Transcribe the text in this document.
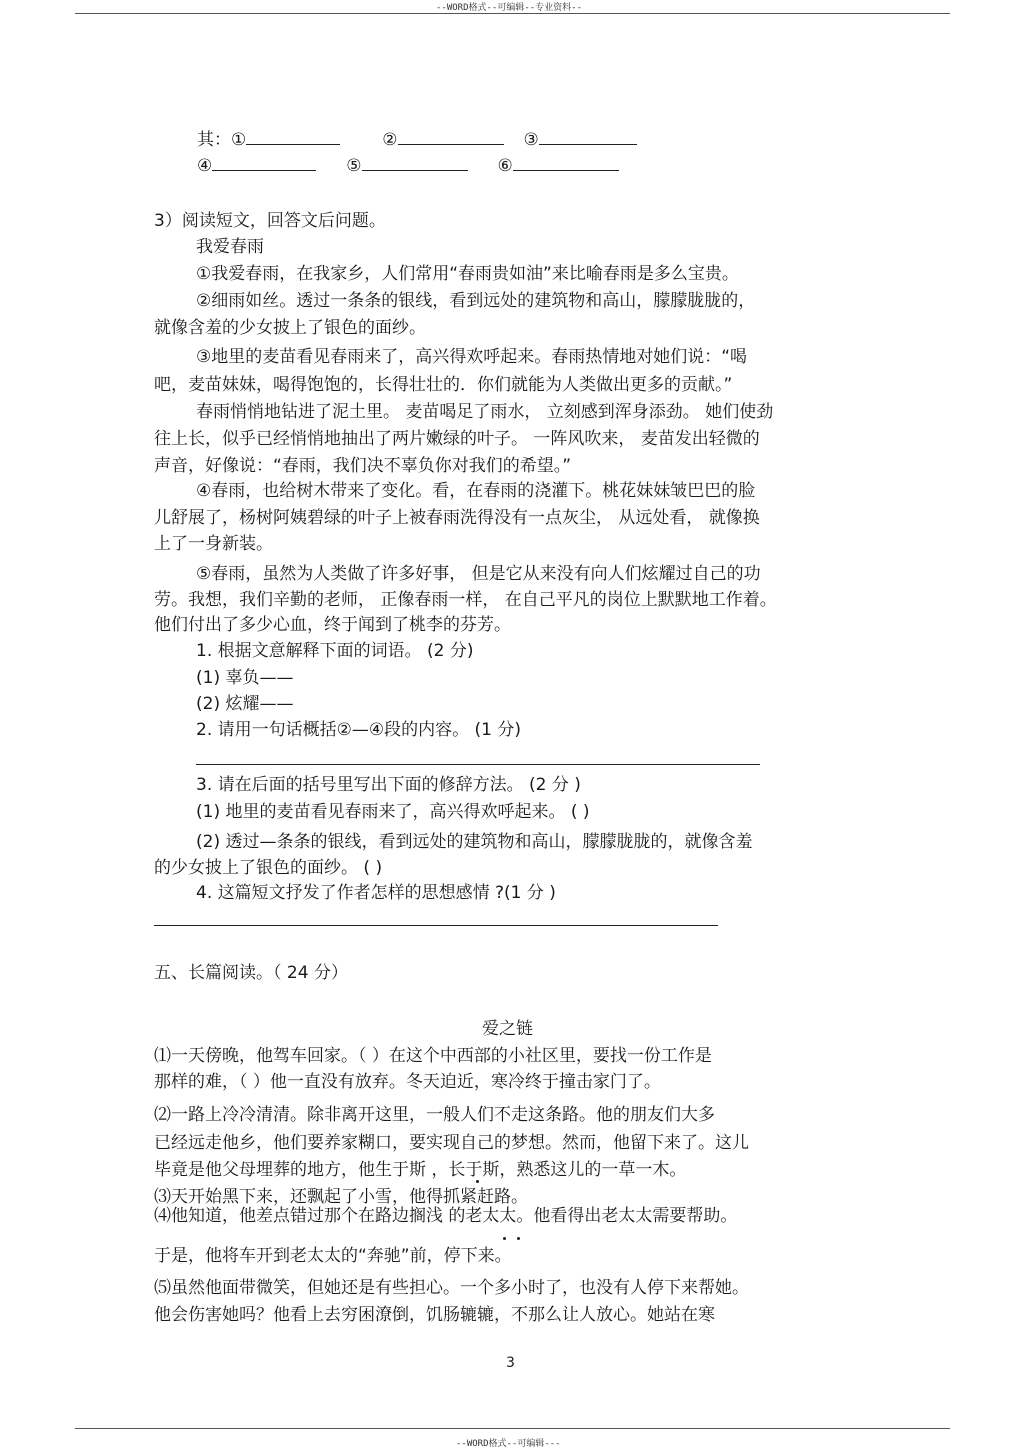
--WORD格式--可编辑--专业资料--
其：①	②	③
④	⑤	⑥
3）阅读短文，回答文后问题。
我爱春雨
①我爱春雨，在我家乡，人们常用“春雨贵如油”来比喻春雨是多么宝贵。
②细雨如丝。透过一条条的银线，看到远处的建筑物和高山，朦朦胧胧的，
就像含羞的少女披上了银色的面纱。
③地里的麦苗看见春雨来了，高兴得欢呼起来。春雨热情地对她们说：“喝
吧，麦苗妹妹，喝得饱饱的，长得壮壮的．你们就能为人类做出更多的贡献。”
春雨悄悄地钻进了泥土里。 麦苗喝足了雨水， 立刻感到浑身添劲。 她们使劲
往上长，似乎已经悄悄地抽出了两片嫩绿的叶子。 一阵风吹来， 麦苗发出轻微的
声音，好像说：“春雨，我们决不辜负你对我们的希望。”
④春雨，也给树木带来了变化。看，在春雨的浇灌下。桃花妹妹皱巴巴的脸
儿舒展了，杨树阿姨碧绿的叶子上被春雨洗得没有一点灰尘， 从远处看， 就像换
上了一身新装。
⑤春雨，虽然为人类做了许多好事， 但是它从来没有向人们炫耀过自己的功
劳。我想，我们辛勤的老师， 正像春雨一样， 在自己平凡的岗位上默默地工作着。
他们付出了多少心血，终于闻到了桃李的芬芳。
1. 根据文意解释下面的词语。 (2 分)
(1) 辜负——
(2) 炫耀——
2. 请用一句话概括②—④段的内容。 (1 分)
3. 请在后面的括号里写出下面的修辞方法。 (2 分 )
(1) 地里的麦苗看见春雨来了，高兴得欢呼起来。 ( )
(2) 透过—条条的银线，看到远处的建筑物和高山，朦朦胧胧的，就像含羞
的少女披上了银色的面纱。 ( )
4. 这篇短文抒发了作者怎样的思想感情 ?(1 分 )
五、长篇阅读。（ 24 分）
爱之链
⑴一天傍晚，他驾车回家。（ ）在这个中西部的小社区里，要找一份工作是
那样的难，（ ）他一直没有放弃。冬天迫近，寒冷终于撞击家门了。
⑵一路上冷冷清清。除非离开这里，一般人们不走这条路。他的朋友们大多
已经远走他乡，他们要养家糊口，要实现自己的梦想。然而，他留下来了。这儿
毕竟是他父母埋葬的地方，他生于斯 ，长于斯，熟悉这儿的一草一木。
⑶天开始黑下来，还飘起了小雪，他得抓紧赶路。
⑷他知道，他差点错过那个在路边搁浅 的老太太。他看得出老太太需要帮助。
于是，他将车开到老太太的“奔驰”前，停下来。
⑸虽然他面带微笑，但她还是有些担心。一个多小时了，也没有人停下来帮她。
他会伤害她吗？他看上去穷困潦倒，饥肠辘辘，不那么让人放心。她站在寒
3
--WORD格式--可编辑---
